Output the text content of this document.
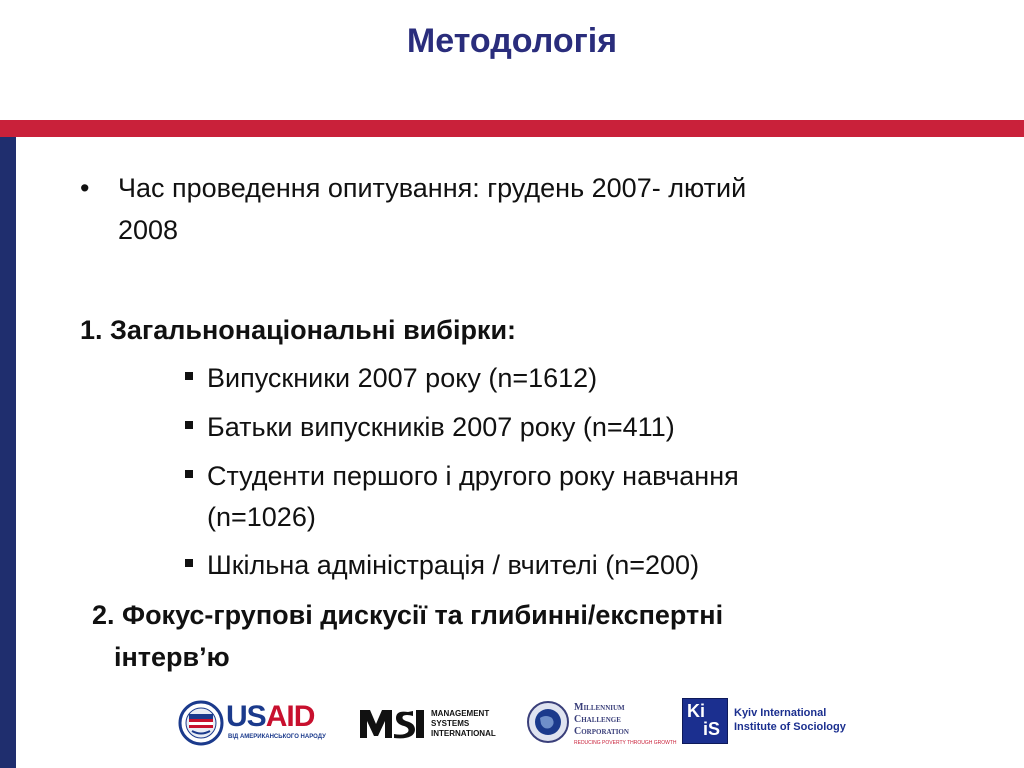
Методологія
• Час проведення опитування: грудень 2007- лютий
2008
1. Загальнонаціональні вибірки:
Випускники 2007 року (n=1612)
Батьки випускників 2007 року (n=411)
Студенти першого і другого року навчання
(n=1026)
Шкільна адміністрація / вчителі (n=200)
2. Фокус-групові дискусії та глибинні/експертні
інтерв’ю
USAID
ВІД АМЕРИКАНСЬКОГО НАРОДУ
MANAGEMENT
SYSTEMS
INTERNATIONAL
Millennium
Challenge
Corporation
REDUCING POVERTY THROUGH GROWTH
Ki
iS
Kyiv International
Institute of Sociology
